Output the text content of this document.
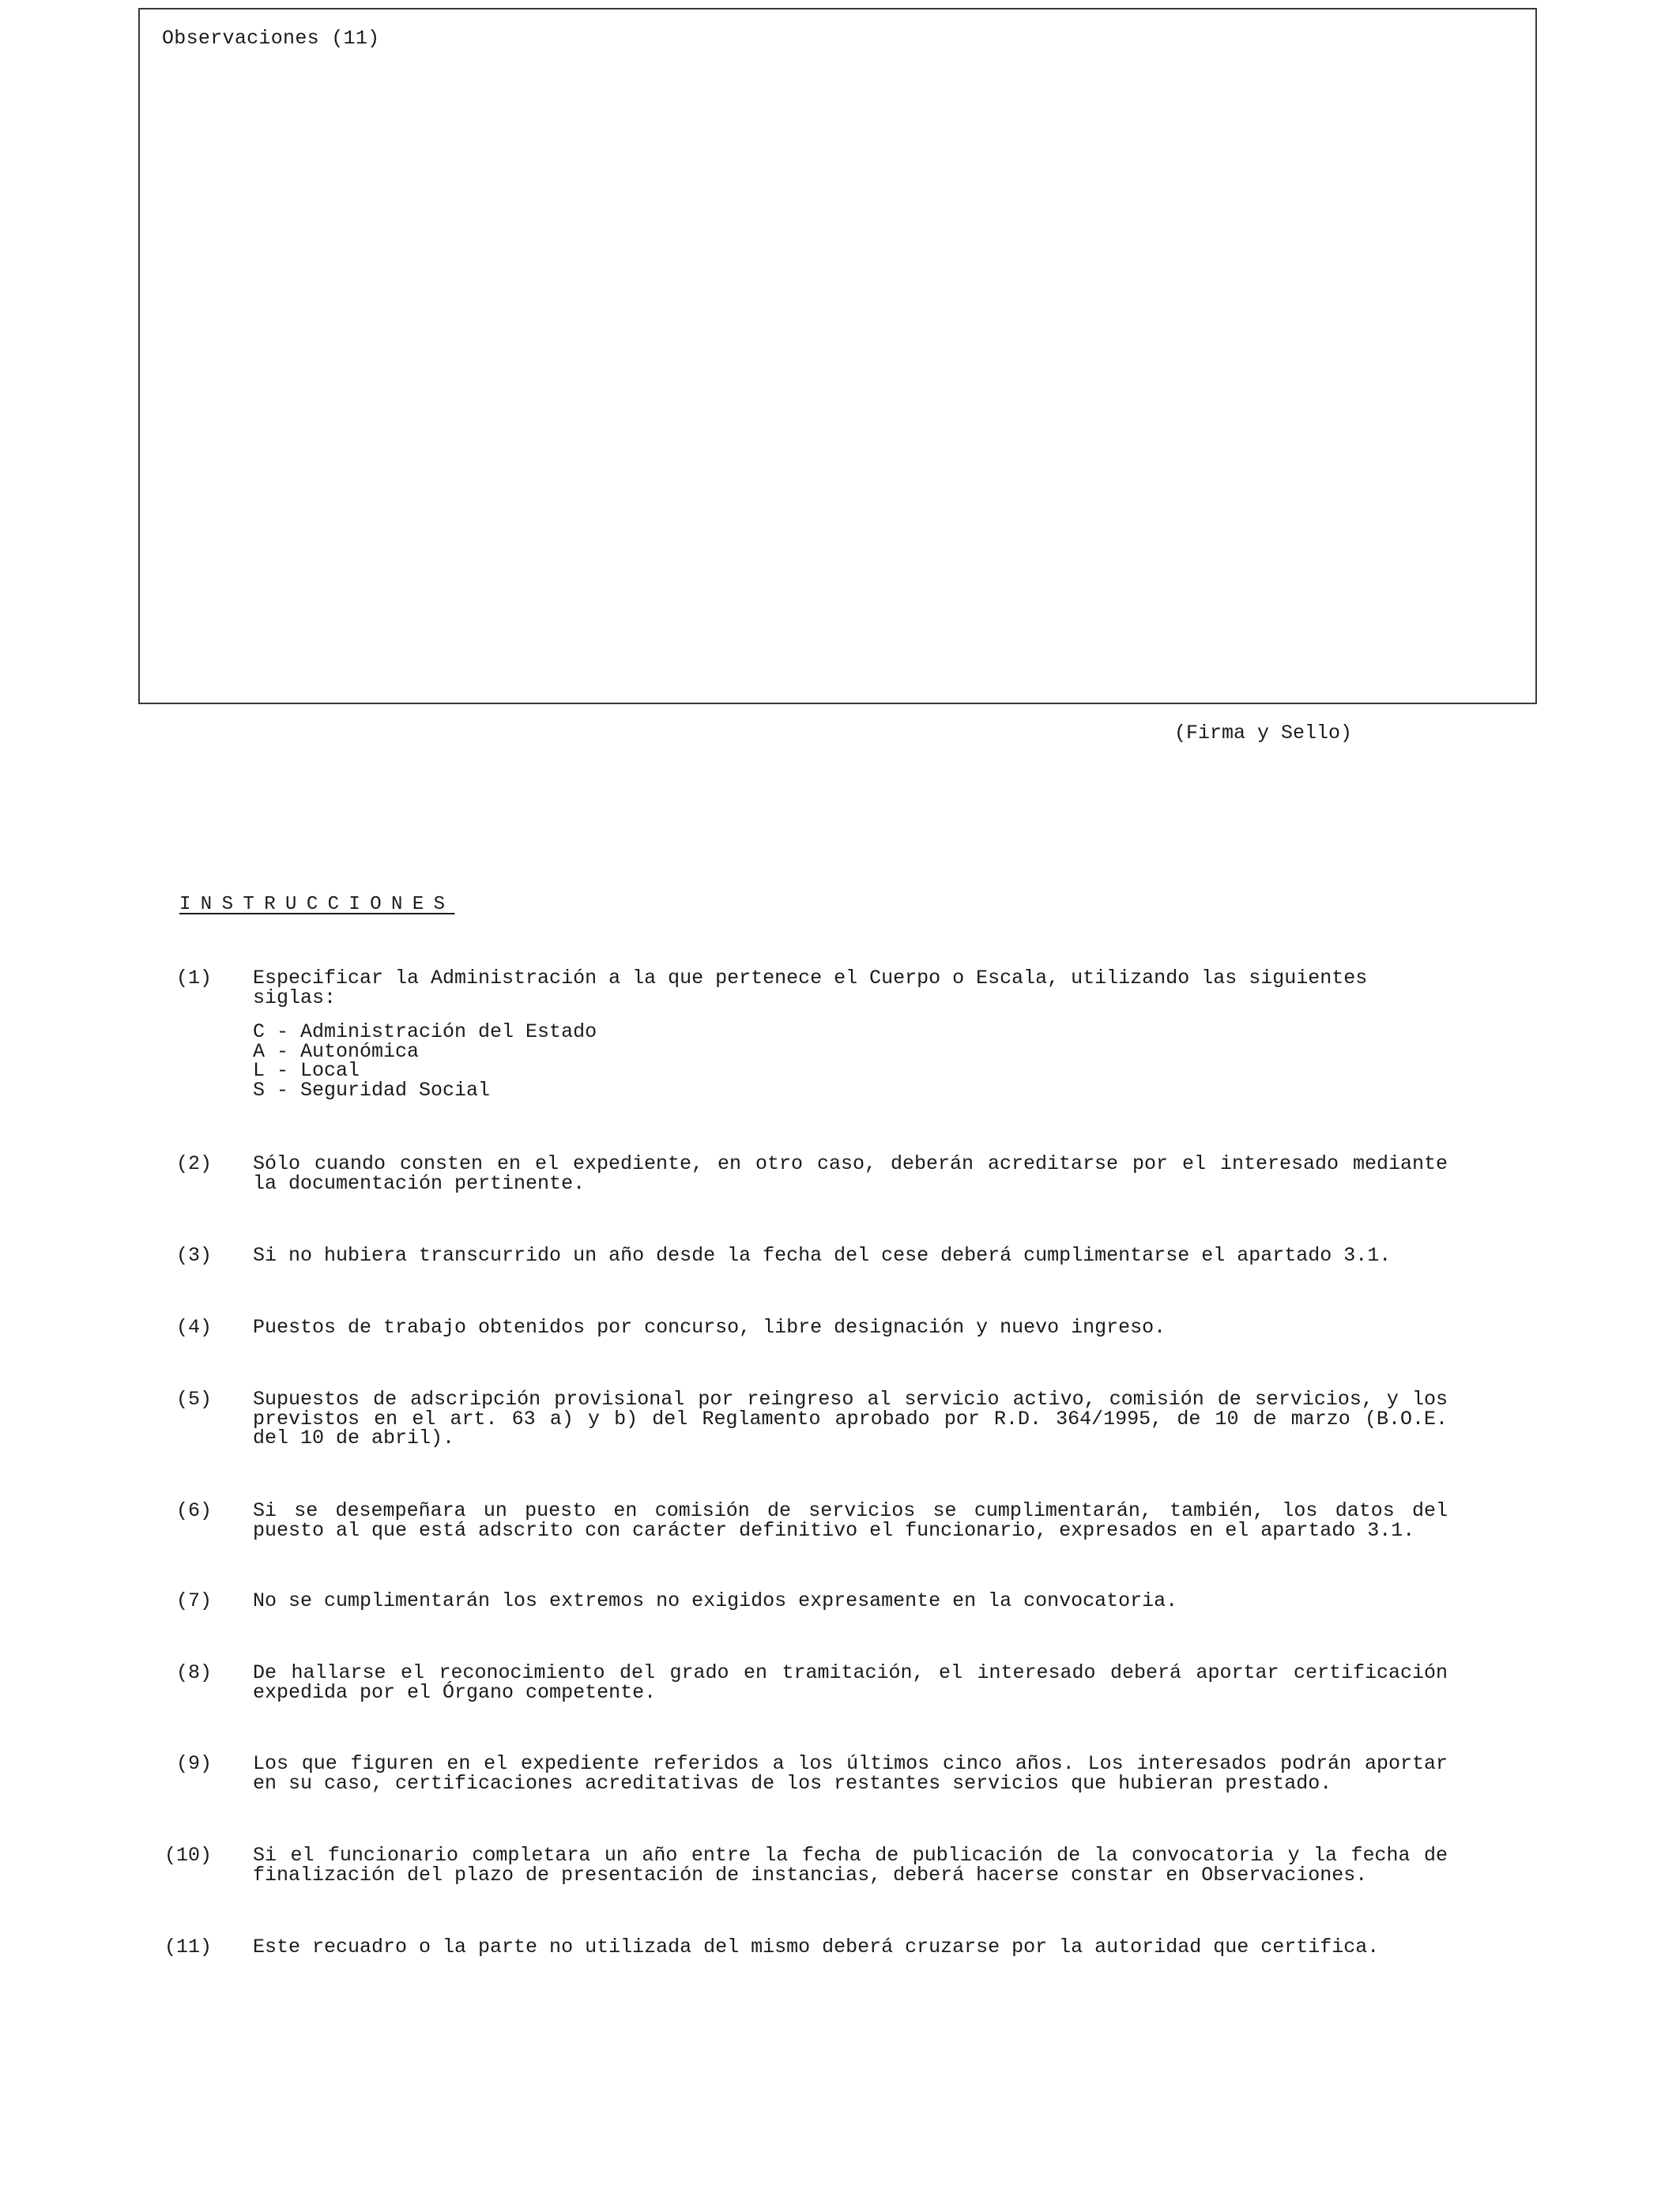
Observaciones (11)
(Firma y Sello)
INSTRUCCIONES
(1) Especificar la Administración a la que pertenece el Cuerpo o Escala, utilizando las siguientes siglas:
C - Administración del Estado
A - Autonómica
L - Local
S - Seguridad Social
(2) Sólo cuando consten en el expediente, en otro caso, deberán acreditarse por el interesado mediante la documentación pertinente.
(3) Si no hubiera transcurrido un año desde la fecha del cese deberá cumplimentarse el apartado 3.1.
(4) Puestos de trabajo obtenidos por concurso, libre designación y nuevo ingreso.
(5) Supuestos de adscripción provisional por reingreso al servicio activo, comisión de servicios, y los previstos en el art. 63 a) y b) del Reglamento aprobado por R.D. 364/1995, de 10 de marzo (B.O.E. del 10 de abril).
(6) Si se desempeñara un puesto en comisión de servicios se cumplimentarán, también, los datos del puesto al que está adscrito con carácter definitivo el funcionario, expresados en el apartado 3.1.
(7) No se cumplimentarán los extremos no exigidos expresamente en la convocatoria.
(8) De hallarse el reconocimiento del grado en tramitación, el interesado deberá aportar certificación expedida por el Órgano competente.
(9) Los que figuren en el expediente referidos a los últimos cinco años. Los interesados podrán aportar en su caso, certificaciones acreditativas de los restantes servicios que hubieran prestado.
(10) Si el funcionario completara un año entre la fecha de publicación de la convocatoria y la fecha de finalización del plazo de presentación de instancias, deberá hacerse constar en Observaciones.
(11) Este recuadro o la parte no utilizada del mismo deberá cruzarse por la autoridad que certifica.
